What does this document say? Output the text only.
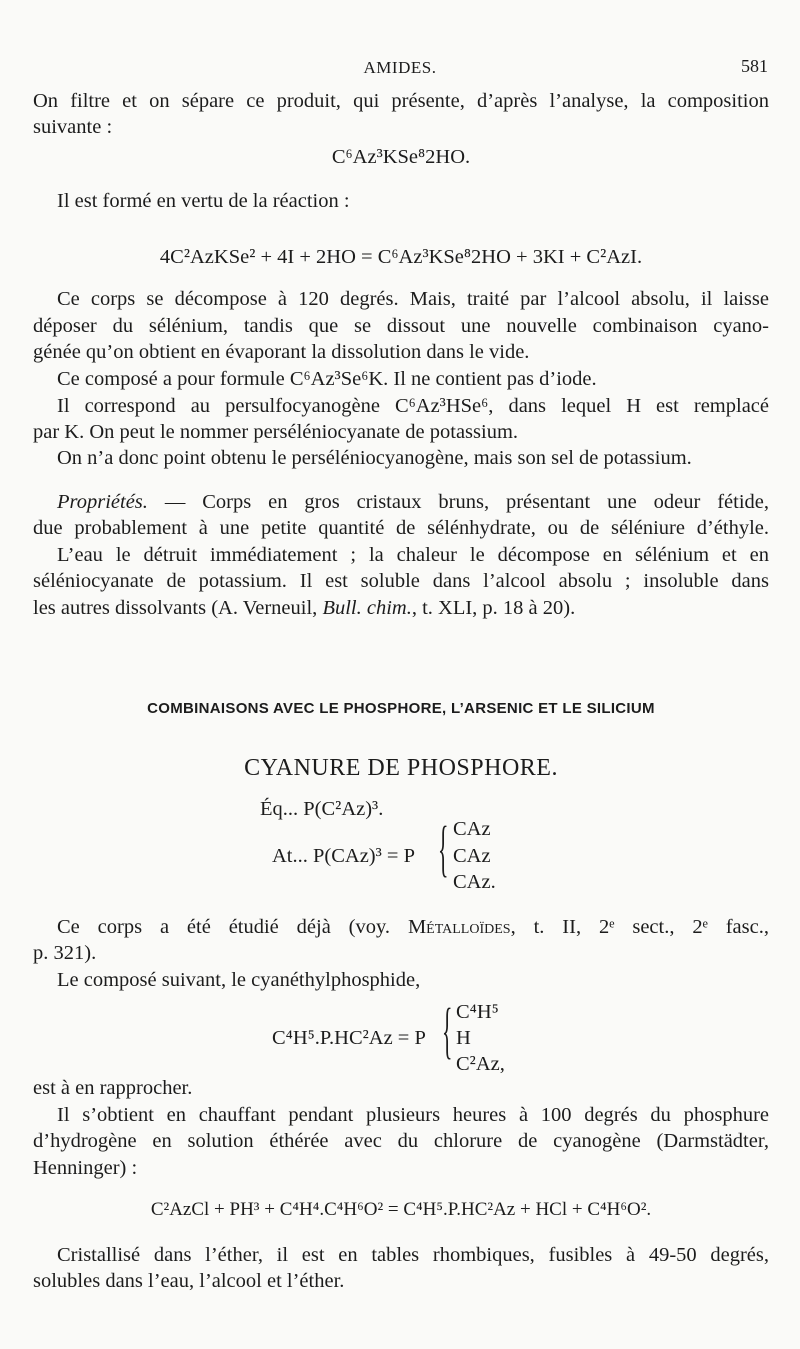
AMIDES.	581
On filtre et on sépare ce produit, qui présente, d’après l’analyse, la composition
suivante :
C⁶Az³KSe⁸2HO.
Il est formé en vertu de la réaction :
4C²AzKSe² + 4I + 2HO = C⁶Az³KSe⁸2HO + 3KI + C²AzI.
Ce corps se décompose à 120 degrés. Mais, traité par l’alcool absolu, il laisse
déposer du sélénium, tandis que se dissout une nouvelle combinaison cyano-
génée qu’on obtient en évaporant la dissolution dans le vide.
Ce composé a pour formule C⁶Az³Se⁶K. Il ne contient pas d’iode.
Il correspond au persulfocyanogène C⁶Az³HSe⁶, dans lequel H est remplacé
par K. On peut le nommer perséléniocyanate de potassium.
On n’a donc point obtenu le perséléniocyanogène, mais son sel de potassium.
Propriétés. — Corps en gros cristaux bruns, présentant une odeur fétide,
due probablement à une petite quantité de sélénhydrate, ou de séléniure d’éthyle.
L’eau le détruit immédiatement ; la chaleur le décompose en sélénium et en
séléniocyanate de potassium. Il est soluble dans l’alcool absolu ; insoluble dans
les autres dissolvants (A. Verneuil, Bull. chim., t. XLI, p. 18 à 20).
COMBINAISONS AVEC LE PHOSPHORE, L’ARSENIC ET LE SILICIUM
CYANURE DE PHOSPHORE.
Éq... P(C²Az)³.
At... P(CAz)³ = P { CAz
CAz
CAz.
Ce corps a été étudié déjà (voy. Métalloïdes, t. II, 2ᵉ sect., 2ᵉ fasc.,
p. 321).
Le composé suivant, le cyanéthylphosphide,
C⁴H⁵.P.HC²Az = P { C⁴H⁵
H
C²Az,
est à en rapprocher.
Il s’obtient en chauffant pendant plusieurs heures à 100 degrés du phosphure
d’hydrogène en solution éthérée avec du chlorure de cyanogène (Darmstädter,
Henninger) :
C²AzCl + PH³ + C⁴H⁴.C⁴H⁶O² = C⁴H⁵.P.HC²Az + HCl + C⁴H⁶O².
Cristallisé dans l’éther, il est en tables rhombiques, fusibles à 49-50 degrés,
solubles dans l’eau, l’alcool et l’éther.
